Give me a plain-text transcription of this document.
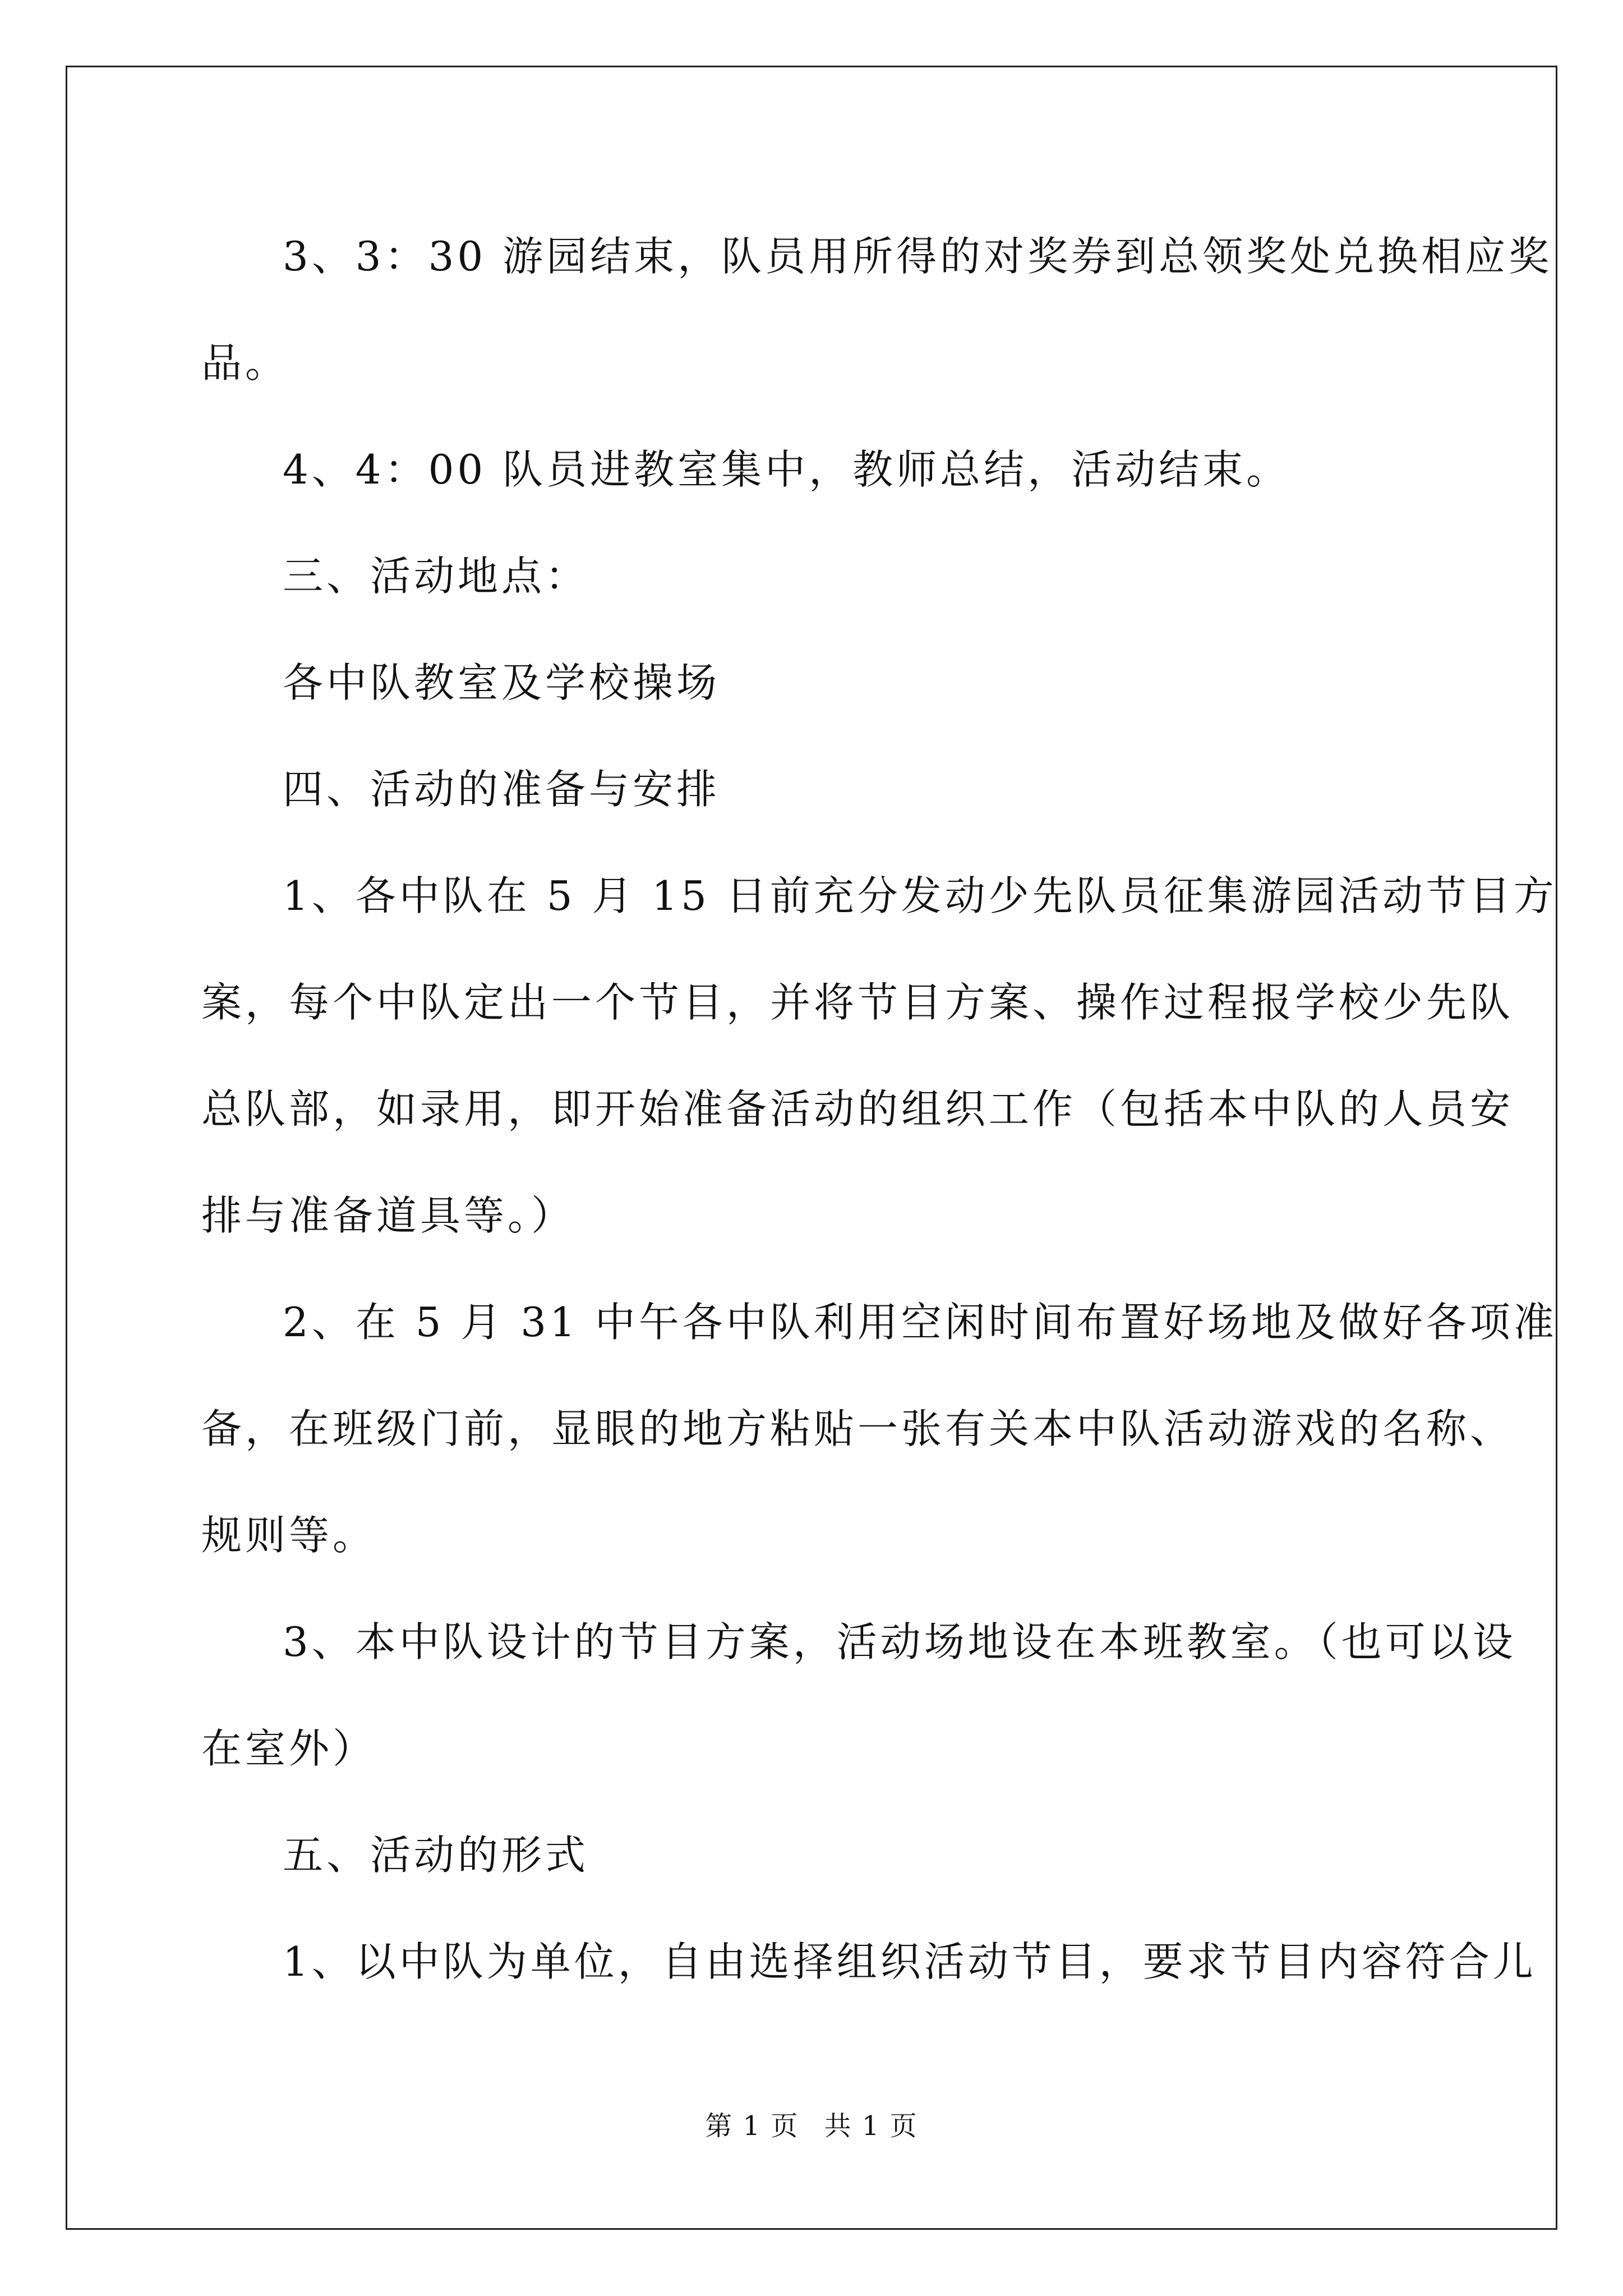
3、3：30 游园结束，队员用所得的对奖券到总领奖处兑换相应奖
品。

4、4：00 队员进教室集中，教师总结，活动结束。

三、活动地点：

各中队教室及学校操场

四、活动的准备与安排

1、各中队在 5 月 15 日前充分发动少先队员征集游园活动节目方
案，每个中队定出一个节目，并将节目方案、操作过程报学校少先队
总队部，如录用，即开始准备活动的组织工作（包括本中队的人员安
排与准备道具等。）

2、在 5 月 31 中午各中队利用空闲时间布置好场地及做好各项准
备，在班级门前，显眼的地方粘贴一张有关本中队活动游戏的名称、
规则等。

3、本中队设计的节目方案，活动场地设在本班教室。（也可以设
在室外）

五、活动的形式

1、以中队为单位，自由选择组织活动节目，要求节目内容符合儿

第 1 页 共 1 页
